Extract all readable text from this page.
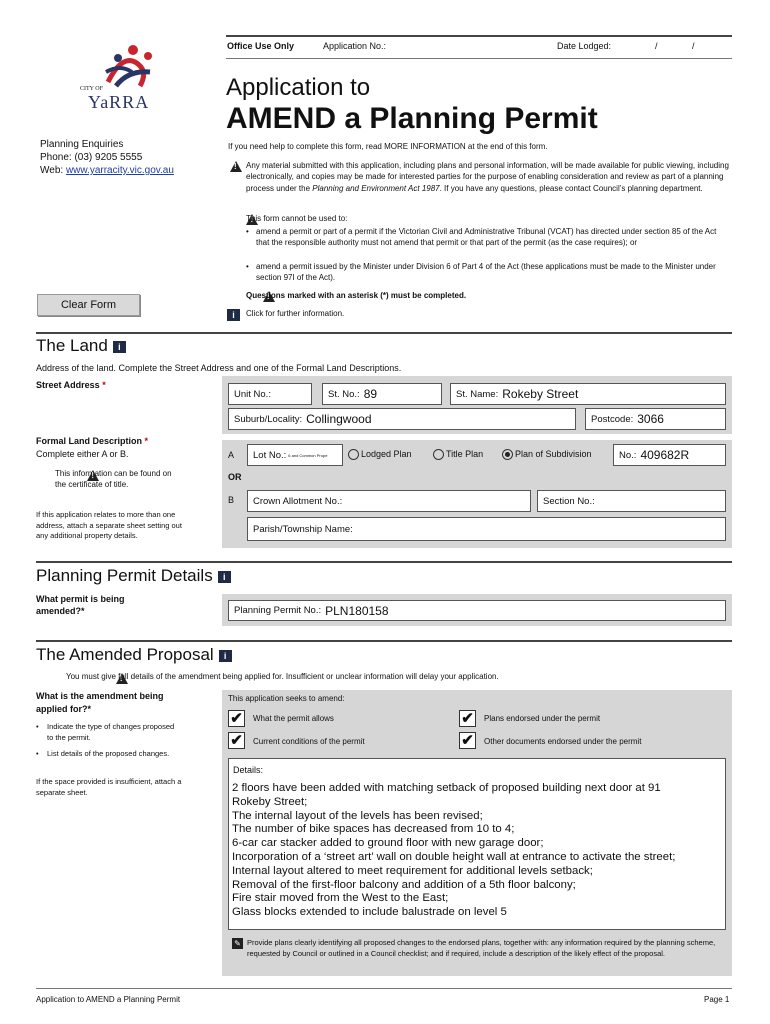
Office Use Only	Application No.:	Date Lodged:	/	/
CITY OF
YaRRA
Planning Enquiries
Phone: (03) 9205 5555
Web: www.yarracity.vic.gov.au
Application to
AMEND a Planning Permit
If you need help to complete this form, read MORE INFORMATION at the end of this form.
!
Any material submitted with this application, including plans and personal information, will be made available for public viewing, including electronically, and copies may be made for interested parties for the purpose of enabling consideration and review as part of a planning process under the Planning and Environment Act 1987. If you have any questions, please contact Council’s planning department.
!
This form cannot be used to:
• amend a permit or part of a permit if the Victorian Civil and Administrative Tribunal (VCAT) has directed under section 85 of the Act that the responsible authority must not amend that permit or that part of the permit (as the case requires); or
• amend a permit issued by the Minister under Division 6 of Part 4 of the Act (these applications must be made to the Minister under section 97I of the Act).
!
Questions marked with an asterisk (*) must be completed.
i	Click for further information.
Clear Form
The Land i
Address of the land. Complete the Street Address and one of the Formal Land Descriptions.
Street Address *
Unit No.:	St. No.: 89	St. Name: Rokeby Street
Suburb/Locality: Collingwood	Postcode: 3066
Formal Land Description *
Complete either A or B.
!
This information can be found on the certificate of title.
If this application relates to more than one address, attach a separate sheet setting out any additional property details.
A Lot No.: 6 and Common Prope	Lodged Plan	Title Plan	Plan of Subdivision	No.: 409682R
OR
B Crown Allotment No.:	Section No.:
Parish/Township Name:
Planning Permit Details i
What permit is being amended?*	Planning Permit No.: PLN180158
The Amended Proposal i
!
You must give full details of the amendment being applied for. Insufficient or unclear information will delay your application.
What is the amendment being applied for?*
• Indicate the type of changes proposed to the permit.
• List details of the proposed changes.
If the space provided is insufficient, attach a separate sheet.
This application seeks to amend:
✔ What the permit allows	✔ Plans endorsed under the permit
✔ Current conditions of the permit	✔ Other documents endorsed under the permit
Details:
2 floors have been added with matching setback of proposed building next door at 91
Rokeby Street;
The internal layout of the levels has been revised;
The number of bike spaces has decreased from 10 to 4;
6-car car stacker added to ground floor with new garage door;
Incorporation of a ‘street art’ wall on double height wall at entrance to activate the street;
Internal layout altered to meet requirement for additional levels setback;
Removal of the first-floor balcony and addition of a 5th floor balcony;
Fire stair moved from the West to the East;
Glass blocks extended to include balustrade on level 5
✎ Provide plans clearly identifying all proposed changes to the endorsed plans, together with: any information required by the planning scheme, requested by Council or outlined in a Council checklist; and if required, include a description of the likely effect of the proposal.
Application to AMEND a Planning Permit	Page 1
